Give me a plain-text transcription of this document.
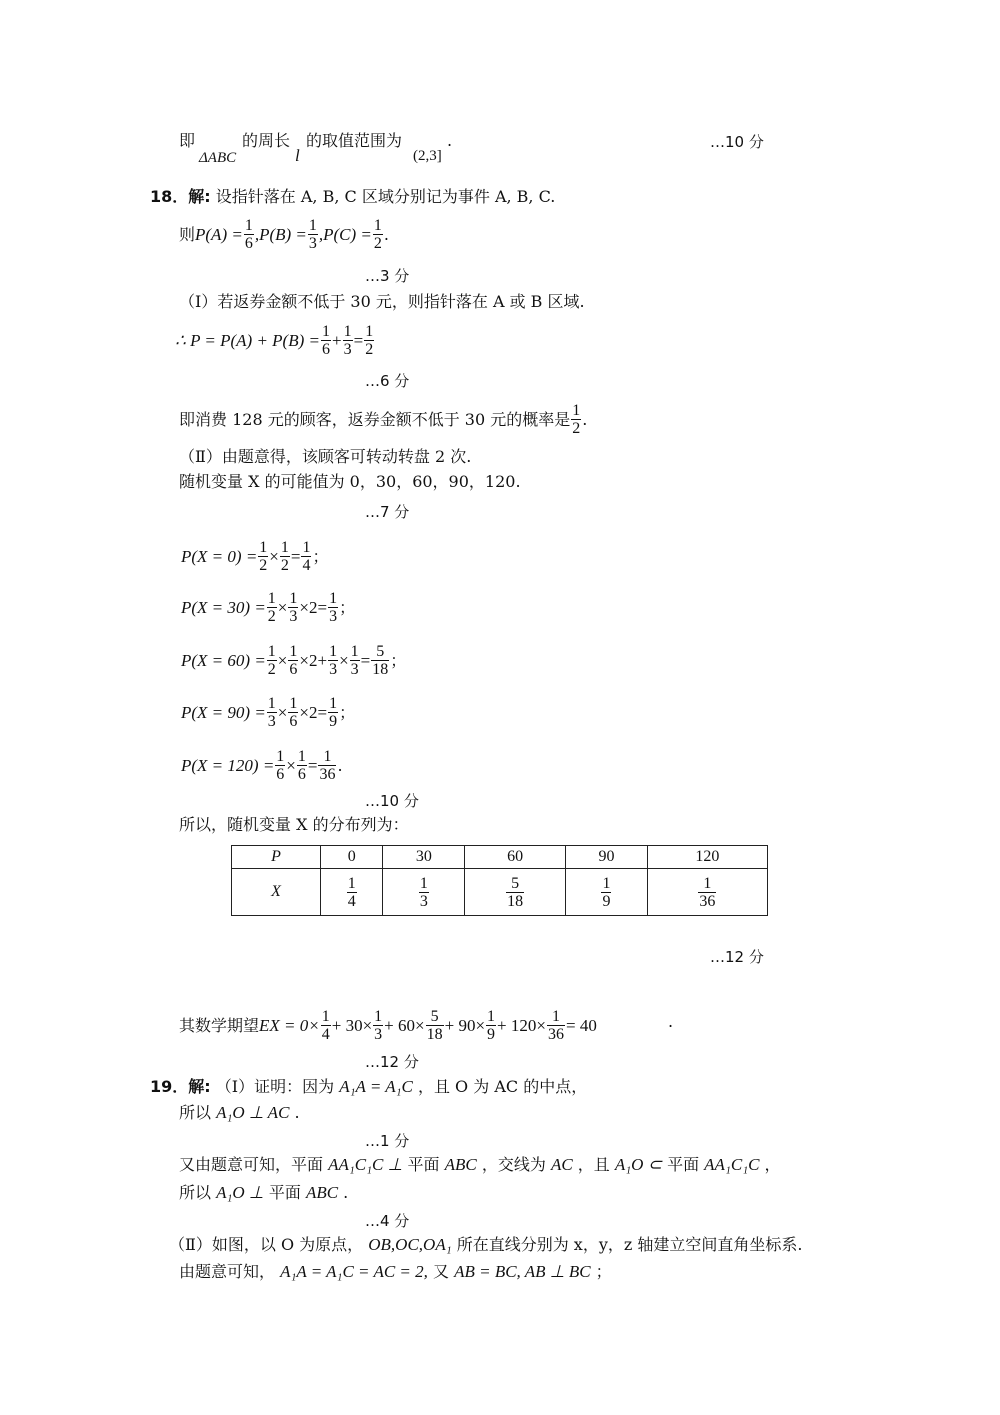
即
ΔABC
的周长
l
的取值范围为
(2,3]
.	…10 分
18．解: 设指针落在 A, B, C 区域分别记为事件 A, B, C.
则 $P(A) = \frac{1}{6} ,P(B) = \frac{1}{3} ,P(C) = \frac{1}{2}$ .
…3 分
（Ⅰ）若返券金额不低于 30 元，则指针落在 A 或 B 区域.
∴ $P = P(A) + P(B) = \frac{1}{6} + \frac{1}{3} = \frac{1}{2}$
…6 分
即消费 128 元的顾客，返券金额不低于 30 元的概率是 $\frac{1}{2}$ .
（Ⅱ）由题意得，该顾客可转动转盘 2 次.
随机变量 X 的可能值为 0，30，60，90，120.
…7 分
$P(X = 0) = \frac{1}{2} \times \frac{1}{2} = \frac{1}{4}$ ；
$P(X = 30) = \frac{1}{2} \times \frac{1}{3} \times 2 = \frac{1}{3}$ ；
$P(X = 60) = \frac{1}{2} \times \frac{1}{6} \times 2 + \frac{1}{3} \times \frac{1}{3} = \frac{5}{18}$ ；
$P(X = 90) = \frac{1}{3} \times \frac{1}{6} \times 2 = \frac{1}{9}$ ；
$P(X = 120) = \frac{1}{6} \times \frac{1}{6} = \frac{1}{36}$ .
…10 分
所以，随机变量 X 的分布列为：
P	0	30	60	90	120
X	$\frac{1}{4}$	$\frac{1}{3}$	$\frac{5}{18}$	$\frac{1}{9}$	$\frac{1}{36}$
…12 分
其数学期望 EX = $0\times \frac{1}{4} + 30\times \frac{1}{3} + 60\times \frac{5}{18} + 90\times \frac{1}{9} + 120\times \frac{1}{36} = 40$	.
…12 分
19．解: （Ⅰ）证明：因为 A₁A = A₁C ，且 O 为 AC 的中点，
所以 A₁O ⊥ AC .
…1 分
又由题意可知，平面 AA₁C₁C ⊥ 平面 ABC ，交线为 AC ，且 A₁O ⊂ 平面 AA₁C₁C ，
所以 A₁O ⊥ 平面 ABC .
…4 分
（Ⅱ）如图，以 O 为原点， OB,OC,OA₁ 所在直线分别为 x，y，z 轴建立空间直角坐标系.
由题意可知， A₁A = A₁C = AC = 2, 又 AB = BC, AB ⊥ BC ；
